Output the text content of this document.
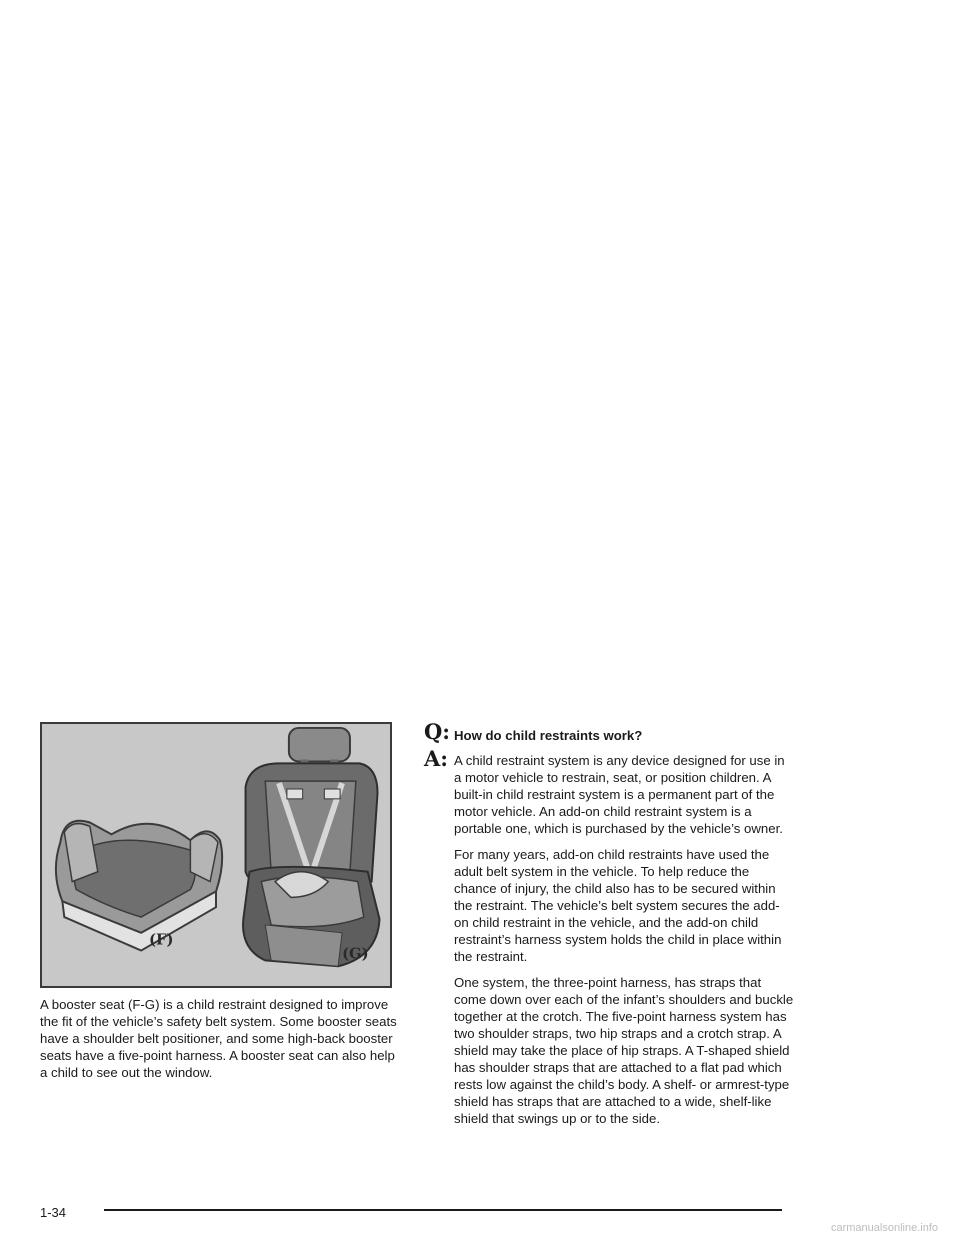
(F)
(G)

A booster seat (F-G) is a child restraint designed to improve the fit of the vehicle’s safety belt system. Some booster seats have a shoulder belt positioner, and some high-back booster seats have a five-point harness. A booster seat can also help a child to see out the window.

Q: How do child restraints work?
A: A child restraint system is any device designed for use in a motor vehicle to restrain, seat, or position children. A built-in child restraint system is a permanent part of the motor vehicle. An add-on child restraint system is a portable one, which is purchased by the vehicle’s owner.

For many years, add-on child restraints have used the adult belt system in the vehicle. To help reduce the chance of injury, the child also has to be secured within the restraint. The vehicle’s belt system secures the add-on child restraint in the vehicle, and the add-on child restraint’s harness system holds the child in place within the restraint.

One system, the three-point harness, has straps that come down over each of the infant’s shoulders and buckle together at the crotch. The five-point harness system has two shoulder straps, two hip straps and a crotch strap. A shield may take the place of hip straps. A T-shaped shield has shoulder straps that are attached to a flat pad which rests low against the child’s body. A shelf- or armrest-type shield has straps that are attached to a wide, shelf-like shield that swings up or to the side.

1-34
carmanualsonline.info
